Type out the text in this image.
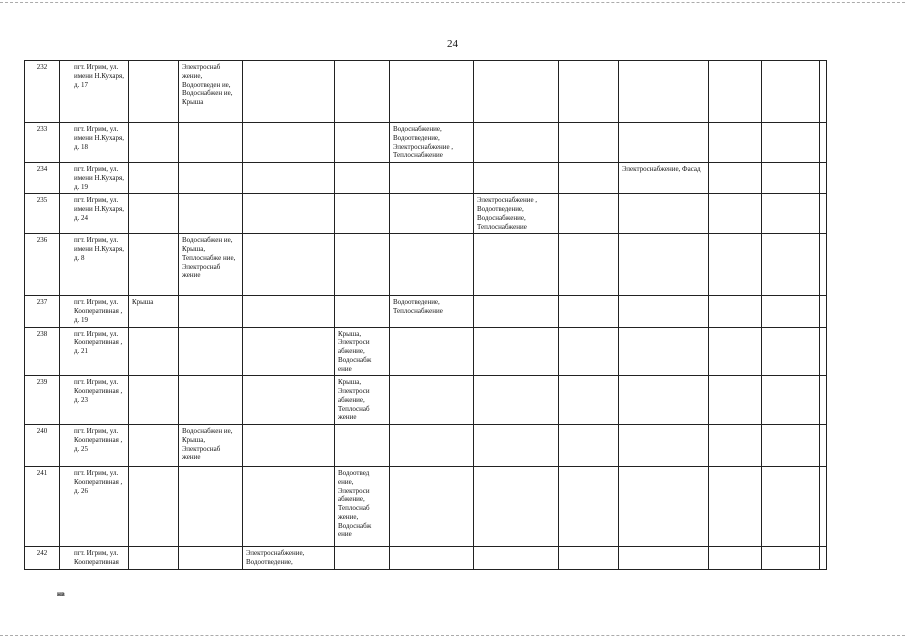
24
232	пгт. Игрим, ул. имени Н.Кухаря, д. 17		Электроснаб жение, Водоотведен ие, Водоснабжен ие, Крыша									
233	пгт. Игрим, ул. имени Н.Кухаря, д. 18					Водоснабжение, Водоотведение, Электроснабжение , Теплоснабжение						
234	пгт. Игрим, ул. имени Н.Кухаря, д. 19								Электроснабжение, Фасад			
235	пгт. Игрим, ул. имени Н.Кухаря, д. 24						Электроснабжение , Водоотведение, Водоснабжение, Теплоснабжение					
236	пгт. Игрим, ул. имени Н.Кухаря, д. 8		Водоснабжен ие, Крыша, Теплоснабже ние, Электроснаб жение									
237	пгт. Игрим, ул. Кооперативная , д. 19	Крыша				Водоотведение, Теплоснабжение						
238	пгт. Игрим, ул. Кооперативная , д. 21				Крыша, Электроси абжение, Водоснабж ение							
239	пгт. Игрим, ул. Кооперативная , д. 23				Крыша, Электроси абжение, Теплоснаб жение							
240	пгт. Игрим, ул. Кооперативная , д. 25		Водоснабжен ие, Крыша, Электроснаб жение									
241	пгт. Игрим, ул. Кооперативная , д. 26				Водоотвед ение, Электроси абжение, Теплоснаб жение, Водоснабж ение							
242	пгт. Игрим, ул. Кооперативная			Электроснабжение, Водоотведение,								
нв
